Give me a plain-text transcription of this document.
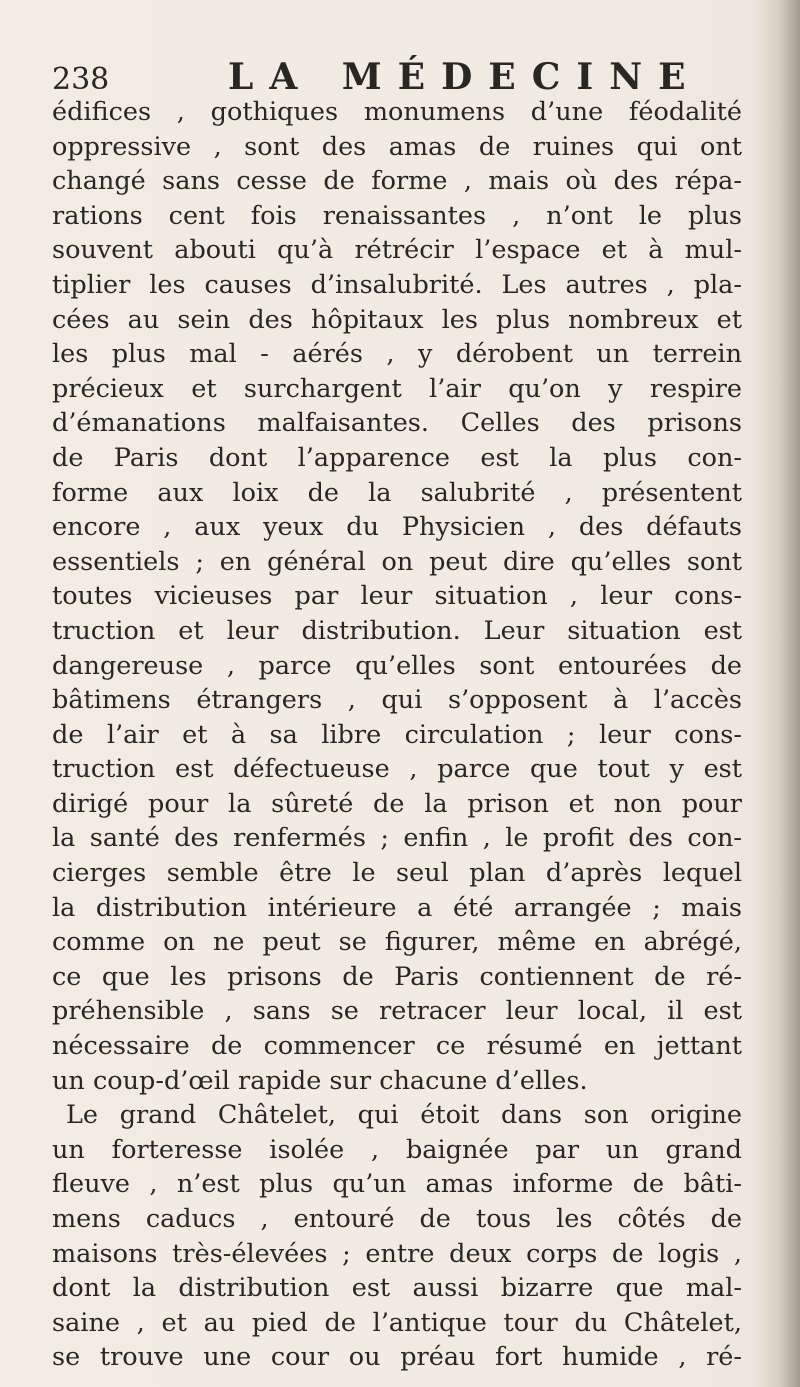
238	LA MÉDECINE
édifices , gothiques monumens d’une féodalité
oppressive , sont des amas de ruines qui ont
changé sans cesse de forme , mais où des répa-
rations cent fois renaissantes , n’ont le plus
souvent abouti qu’à rétrécir l’espace et à mul-
tiplier les causes d’insalubrité. Les autres , pla-
cées au sein des hôpitaux les plus nombreux et
les plus mal - aérés , y dérobent un terrein
précieux et surchargent l’air qu’on y respire
d’émanations malfaisantes. Celles des prisons
de Paris dont l’apparence est la plus con-
forme aux loix de la salubrité , présentent
encore , aux yeux du Physicien , des défauts
essentiels ; en général on peut dire qu’elles sont
toutes vicieuses par leur situation , leur cons-
truction et leur distribution. Leur situation est
dangereuse , parce qu’elles sont entourées de
bâtimens étrangers , qui s’opposent à l’accès
de l’air et à sa libre circulation ; leur cons-
truction est défectueuse , parce que tout y est
dirigé pour la sûreté de la prison et non pour
la santé des renfermés ; enfin , le profit des con-
cierges semble être le seul plan d’après lequel
la distribution intérieure a été arrangée ; mais
comme on ne peut se figurer, même en abrégé,
ce que les prisons de Paris contiennent de ré-
préhensible , sans se retracer leur local, il est
nécessaire de commencer ce résumé en jettant
un coup-d’œil rapide sur chacune d’elles.
Le grand Châtelet, qui étoit dans son origine
un forteresse isolée , baignée par un grand
fleuve , n’est plus qu’un amas informe de bâti-
mens caducs , entouré de tous les côtés de
maisons très-élevées ; entre deux corps de logis ,
dont la distribution est aussi bizarre que mal-
saine , et au pied de l’antique tour du Châtelet,
se trouve une cour ou préau fort humide , ré-
